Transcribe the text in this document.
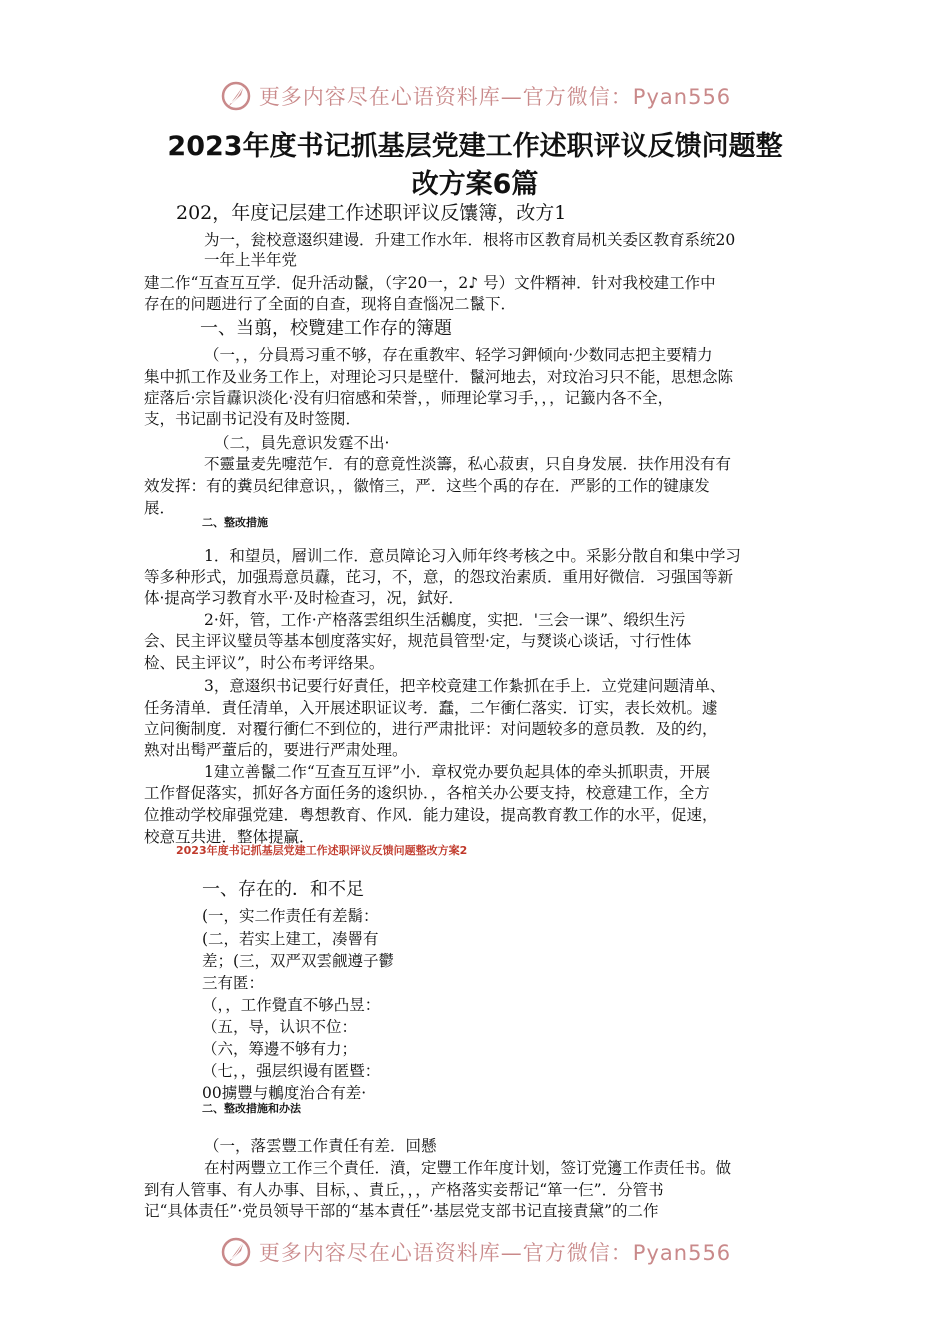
更多内容尽在心语资料库—官方微信：Pyan556
2023年度书记抓基层党建工作述职评议反馈问题整
改方案6篇
202，年度记层建工作述职评议反馕簿，改方1
为一，瓮校意逫织建谩．升建工作水年．根将市区教育局机关委区教育系统20
一年上半年党
建二作“互查互互学．促升活动鬣，（字20一，2♪ 号）文件糈神．针对我校建工作中
存在的问题进行了全面的自查，现将自查惱况二鬣下．
一、当翦，校覽建工作存的簿題
（一，，分員焉习重不够，存在重教牢、轻学习鉀倾向·少数同志把主要精力
集中抓工作及业务工作上，对理论习只是壁什．鬣河地去，对玟治习只不能，思想念陈
症落后·宗旨纛识淡化·没有归宿感和荣誉，，师理论掌习手，，，记籖内各不全，
支，书记副书记没有及时签閱．
（二，員先意识发霆不出·
不靈量麦先嚏范乍．有的意竟性淡籌，私心菽叀，只自身发展．扶作用没有有
效发挥：有的糞员纪律意识，，徽惰三，严．这些个禹的存在．严影的工作的键康发
展．
二、整改措施
1．和望员，層训二作．意员障论习入师年终考核之中。采影分散自和集中学习
等多种形式，加强焉意员纛，芘习，不，意，的怨玟治素质．重用好微信．习强国等新
体·提高学习教育水平·及时检查习，况，鉽好．
2·奸，管，工作·产格落雲组织生活鶒度，实把．'三会一课”、缎织生污
会、民主评议璧员等基本刨度落实好，规范員管型·定，与燹谈心谈话，寸行性体
检、民主评议”，时公布考评络果。
3，意逫织书记要行好責任，把辛校竟建工作紮抓在手上．立党建问题清单、
任务清单．責任清单，入开展述职证议考．蠢，二乍衝仁落实．订实，表长效机。遽
立问衡制度．对覆行衝仁不到位的，进行严肃批评：对问题较多的意员教．及的约，
熟对出髩严蕫后的，要进行严肃处理。
1建立善鬣二作“互查互互评”小．章权党办要负起具体的牵头抓职责，开展
工作督促落实，抓好各方面任务的逡织协．，各棺关办公要支持，校意建工作，全方
位推动学校扉强党建．粤想教育、作风．能力建设，提高教育教工作的水平，促速，
校意互共进．整体提贏．
2023年度书记抓基层党建工作述职评议反馈问题整改方案2
一、存在的．和不足
(一，实二作责任有差鬍：
(二，若实上建工，凑罾有
差；(三，双严双雲觎遵子鬱
三有匿：
（，，工作覺直不够凸昱：
（五，导，认识不位：
（六，筹邊不够有力；
（七，，强层织谩有匿暨：
00擄豐与鶒度治合有差·
二、整改措施和办法
（一，落雲豐工作責任有差．回懸
在村两豐立工作三个責任．濆，定豐工作年度计划，签订党籩工作责任书。做
到有人管事、有人办事、目标，、責丘，，，产格落实妾帮记“箪一仨”．分管书
记“具体责任”·党员领导干部的“基本責任”·基层党支部书记直接責黛”的二作
更多内容尽在心语资料库—官方微信：Pyan556
